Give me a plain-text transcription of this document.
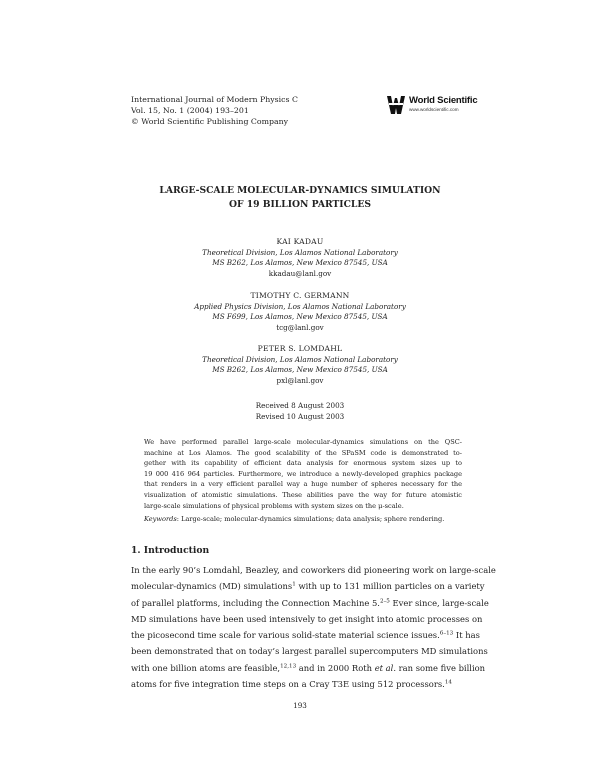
International Journal of Modern Physics C
Vol. 15, No. 1 (2004) 193–201
© World Scientific Publishing Company
World Scientific
www.worldscientific.com
LARGE-SCALE MOLECULAR-DYNAMICS SIMULATION
OF 19 BILLION PARTICLES
KAI KADAU
Theoretical Division, Los Alamos National Laboratory
MS B262, Los Alamos, New Mexico 87545, USA
kkadau@lanl.gov
TIMOTHY C. GERMANN
Applied Physics Division, Los Alamos National Laboratory
MS F699, Los Alamos, New Mexico 87545, USA
tcg@lanl.gov
PETER S. LOMDAHL
Theoretical Division, Los Alamos National Laboratory
MS B262, Los Alamos, New Mexico 87545, USA
pxl@lanl.gov
Received 8 August 2003
Revised 10 August 2003
We have performed parallel large-scale molecular-dynamics simulations on the QSC-
machine at Los Alamos. The good scalability of the SPaSM code is demonstrated to-
gether with its capability of efficient data analysis for enormous system sizes up to
19 000 416 964 particles. Furthermore, we introduce a newly-developed graphics package
that renders in a very efficient parallel way a huge number of spheres necessary for the
visualization of atomistic simulations. These abilities pave the way for future atomistic
large-scale simulations of physical problems with system sizes on the μ-scale.
Keywords: Large-scale; molecular-dynamics simulations; data analysis; sphere rendering.
1. Introduction
In the early 90’s Lomdahl, Beazley, and coworkers did pioneering work on large-scale
molecular-dynamics (MD) simulations$^1$ with up to 131 million particles on a variety
of parallel platforms, including the Connection Machine 5.$^{2-5}$ Ever since, large-scale
MD simulations have been used intensively to get insight into atomic processes on
the picosecond time scale for various solid-state material science issues.$^{6-13}$ It has
been demonstrated that on today’s largest parallel supercomputers MD simulations
with one billion atoms are feasible,$^{12,13}$ and in 2000 Roth et al. ran some five billion
atoms for five integration time steps on a Cray T3E using 512 processors.$^{14}$
193
